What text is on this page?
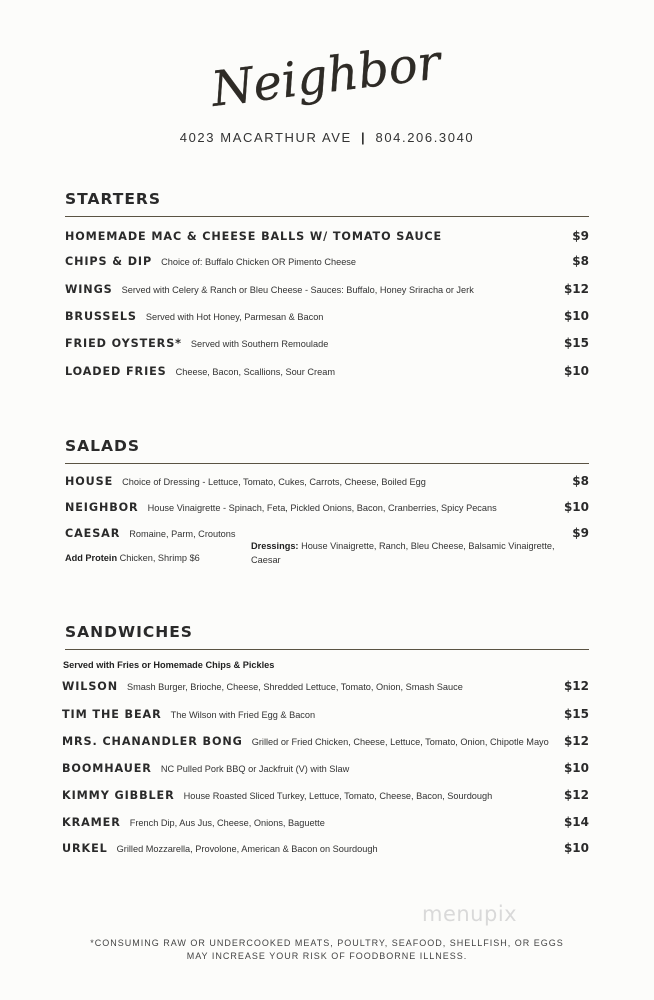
Neighbor
4023 MACARTHUR AVE | 804.206.3040
STARTERS
HOMEMADE MAC & CHEESE BALLS W/ TOMATO SAUCE	$9
CHIPS & DIP Choice of: Buffalo Chicken OR Pimento Cheese	$8
WINGS Served with Celery & Ranch or Bleu Cheese - Sauces: Buffalo, Honey Sriracha or Jerk	$12
BRUSSELS Served with Hot Honey, Parmesan & Bacon	$10
FRIED OYSTERS* Served with Southern Remoulade	$15
LOADED FRIES Cheese, Bacon, Scallions, Sour Cream	$10
SALADS
HOUSE Choice of Dressing - Lettuce, Tomato, Cukes, Carrots, Cheese, Boiled Egg	$8
NEIGHBOR House Vinaigrette - Spinach, Feta, Pickled Onions, Bacon, Cranberries, Spicy Pecans	$10
CAESAR Romaine, Parm, Croutons	$9
Add Protein Chicken, Shrimp $6
Dressings: House Vinaigrette, Ranch, Bleu Cheese, Balsamic Vinaigrette,
Caesar
SANDWICHES
Served with Fries or Homemade Chips & Pickles
WILSON Smash Burger, Brioche, Cheese, Shredded Lettuce, Tomato, Onion, Smash Sauce	$12
TIM THE BEAR The Wilson with Fried Egg & Bacon	$15
MRS. CHANANDLER BONG Grilled or Fried Chicken, Cheese, Lettuce, Tomato, Onion, Chipotle Mayo $12
BOOMHAUER NC Pulled Pork BBQ or Jackfruit (V) with Slaw	$10
KIMMY GIBBLER House Roasted Sliced Turkey, Lettuce, Tomato, Cheese, Bacon, Sourdough	$12
KRAMER French Dip, Aus Jus, Cheese, Onions, Baguette	$14
URKEL Grilled Mozzarella, Provolone, American & Bacon on Sourdough	$10
menupix
*CONSUMING RAW OR UNDERCOOKED MEATS, POULTRY, SEAFOOD, SHELLFISH, OR EGGS
MAY INCREASE YOUR RISK OF FOODBORNE ILLNESS.
